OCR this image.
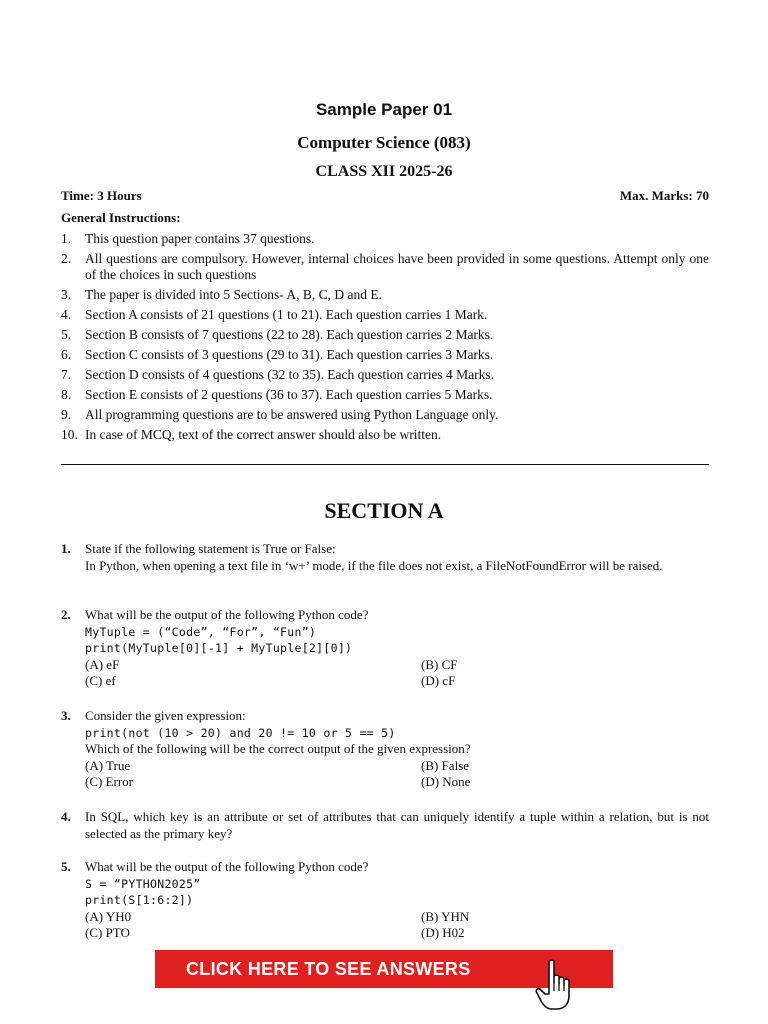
Sample Paper 01
Computer Science (083)
CLASS XII 2025-26
Time: 3 Hours	Max. Marks: 70
General Instructions:
1.	This question paper contains 37 questions.
2.	All questions are compulsory. However, internal choices have been provided in some questions. Attempt only one of the choices in such questions
3.	The paper is divided into 5 Sections- A, B, C, D and E.
4.	Section A consists of 21 questions (1 to 21). Each question carries 1 Mark.
5.	Section B consists of 7 questions (22 to 28). Each question carries 2 Marks.
6.	Section C consists of 3 questions (29 to 31). Each question carries 3 Marks.
7.	Section D consists of 4 questions (32 to 35). Each question carries 4 Marks.
8.	Section E consists of 2 questions (36 to 37). Each question carries 5 Marks.
9.	All programming questions are to be answered using Python Language only.
10. In case of MCQ, text of the correct answer should also be written.
SECTION A
1. State if the following statement is True or False:
In Python, when opening a text file in ‘w+’ mode, if the file does not exist, a FileNotFoundError will be raised.
2. What will be the output of the following Python code?
MyTuple = (“Code”, “For”, “Fun”)
print(MyTuple[0][-1] + MyTuple[2][0])
(A) eF	(B) CF
(C) ef	(D) cF
3. Consider the given expression:
print(not (10 > 20) and 20 != 10 or 5 == 5)
Which of the following will be the correct output of the given expression?
(A) True	(B) False
(C) Error	(D) None
4. In SQL, which key is an attribute or set of attributes that can uniquely identify a tuple within a relation, but is not selected as the primary key?
5. What will be the output of the following Python code?
S = “PYTHON2025”
print(S[1:6:2])
(A) YH0	(B) YHN
(C) PTO	(D) H02
CLICK HERE TO SEE ANSWERS
